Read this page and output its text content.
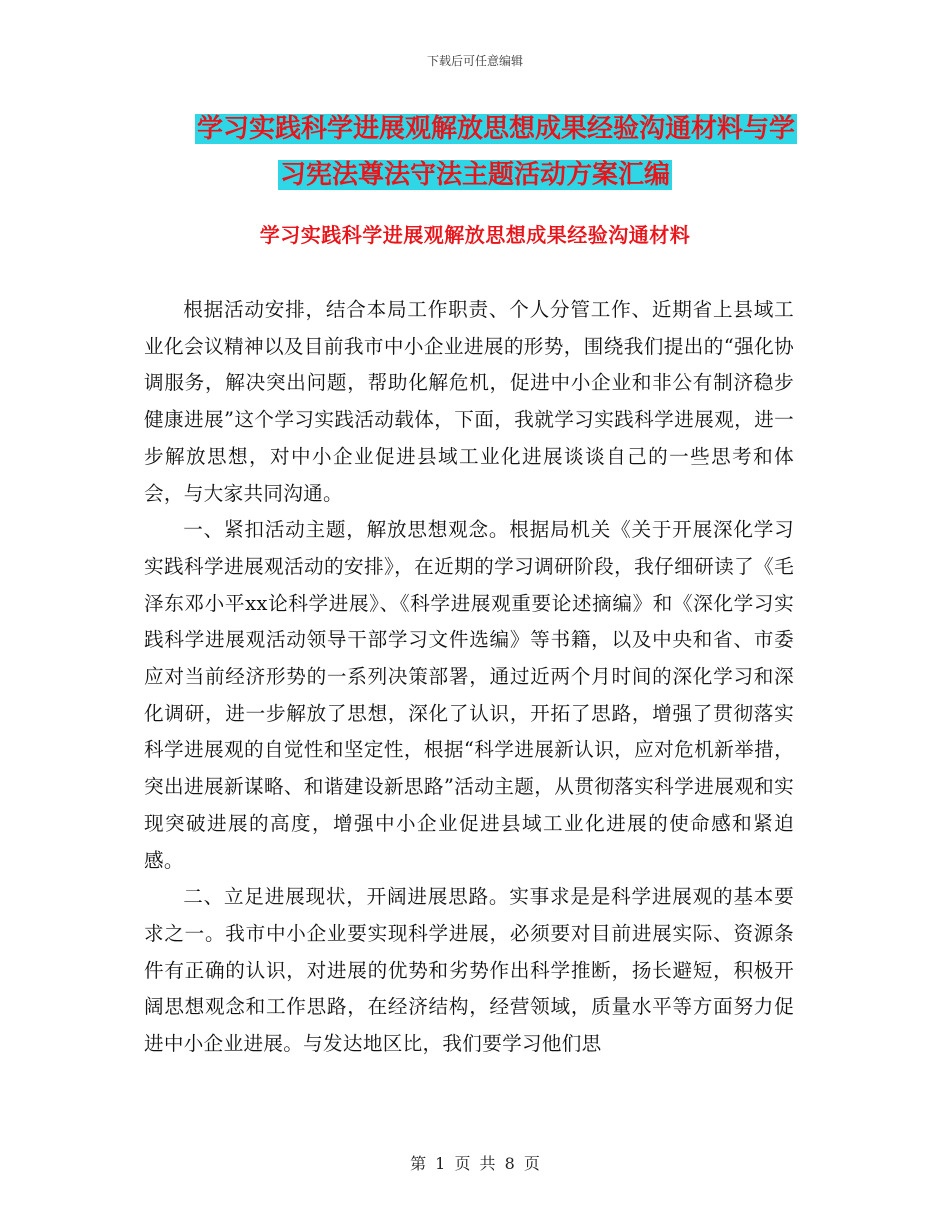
下载后可任意编辑
学习实践科学进展观解放思想成果经验沟通材料与学
习宪法尊法守法主题活动方案汇编
学习实践科学进展观解放思想成果经验沟通材料

根据活动安排，结合本局工作职责、个人分管工作、近期省上县域工业化会议精神以及目前我市中小企业进展的形势，围绕我们提出的“强化协调服务，解决突出问题，帮助化解危机，促进中小企业和非公有制济稳步健康进展”这个学习实践活动载体，下面，我就学习实践科学进展观，进一步解放思想，对中小企业促进县域工业化进展谈谈自己的一些思考和体会，与大家共同沟通。

一、紧扣活动主题，解放思想观念。根据局机关《关于开展深化学习实践科学进展观活动的安排》，在近期的学习调研阶段，我仔细研读了《毛泽东邓小平xx论科学进展》、《科学进展观重要论述摘编》和《深化学习实践科学进展观活动领导干部学习文件选编》等书籍，以及中央和省、市委应对当前经济形势的一系列决策部署，通过近两个月时间的深化学习和深化调研，进一步解放了思想，深化了认识，开拓了思路，增强了贯彻落实科学进展观的自觉性和坚定性，根据“科学进展新认识，应对危机新举措，突出进展新谋略、和谐建设新思路”活动主题，从贯彻落实科学进展观和实现突破进展的高度，增强中小企业促进县域工业化进展的使命感和紧迫感。

二、立足进展现状，开阔进展思路。实事求是是科学进展观的基本要求之一。我市中小企业要实现科学进展，必须要对目前进展实际、资源条件有正确的认识，对进展的优势和劣势作出科学推断，扬长避短，积极开阔思想观念和工作思路，在经济结构，经营领域，质量水平等方面努力促进中小企业进展。与发达地区比，我们要学习他们思

第 1 页 共 8 页
